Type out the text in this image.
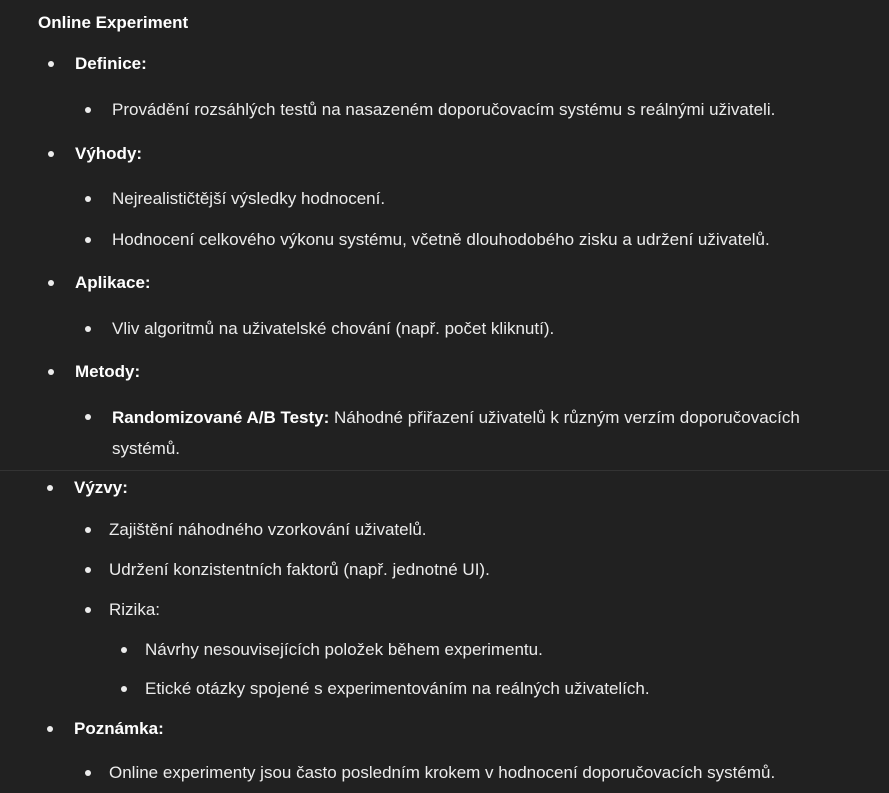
Online Experiment
Definice:
Provádění rozsáhlých testů na nasazeném doporučovacím systému s reálnými uživateli.
Výhody:
Nejrealističtější výsledky hodnocení.
Hodnocení celkového výkonu systému, včetně dlouhodobého zisku a udržení uživatelů.
Aplikace:
Vliv algoritmů na uživatelské chování (např. počet kliknutí).
Metody:
Randomizované A/B Testy: Náhodné přiřazení uživatelů k různým verzím doporučovacích systémů.
Výzvy:
Zajištění náhodného vzorkování uživatelů.
Udržení konzistentních faktorů (např. jednotné UI).
Rizika:
Návrhy nesouvisejících položek během experimentu.
Etické otázky spojené s experimentováním na reálných uživatelích.
Poznámka:
Online experimenty jsou často posledním krokem v hodnocení doporučovacích systémů.
